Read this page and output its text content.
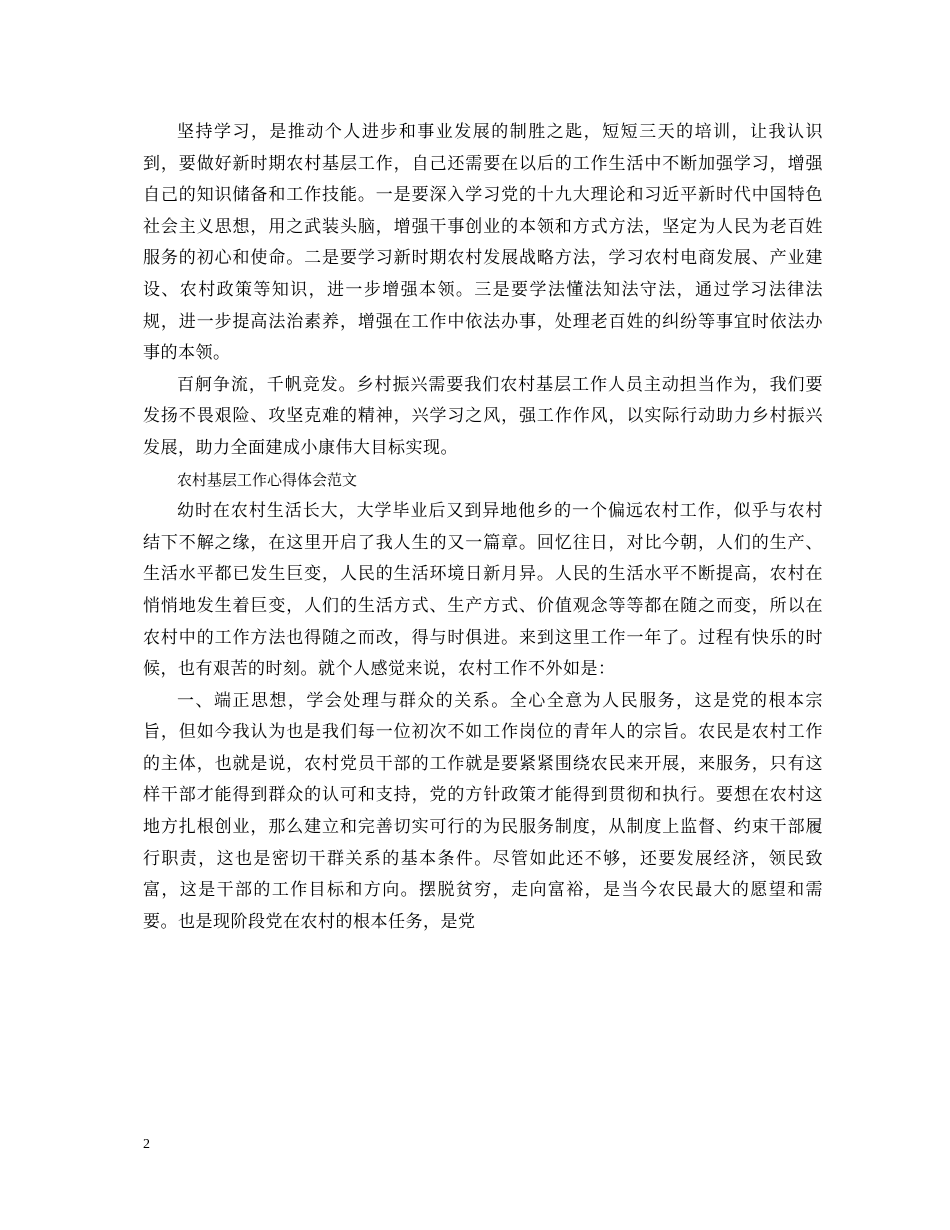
坚持学习，是推动个人进步和事业发展的制胜之匙，短短三天的培训，让我认识到，要做好新时期农村基层工作，自己还需要在以后的工作生活中不断加强学习，增强自己的知识储备和工作技能。一是要深入学习党的十九大理论和习近平新时代中国特色社会主义思想，用之武装头脑，增强干事创业的本领和方式方法，坚定为人民为老百姓服务的初心和使命。二是要学习新时期农村发展战略方法，学习农村电商发展、产业建设、农村政策等知识，进一步增强本领。三是要学法懂法知法守法，通过学习法律法规，进一步提高法治素养，增强在工作中依法办事，处理老百姓的纠纷等事宜时依法办事的本领。

百舸争流，千帆竞发。乡村振兴需要我们农村基层工作人员主动担当作为，我们要发扬不畏艰险、攻坚克难的精神，兴学习之风，强工作作风，以实际行动助力乡村振兴发展，助力全面建成小康伟大目标实现。

农村基层工作心得体会范文

幼时在农村生活长大，大学毕业后又到异地他乡的一个偏远农村工作，似乎与农村结下不解之缘，在这里开启了我人生的又一篇章。回忆往日，对比今朝，人们的生产、生活水平都已发生巨变，人民的生活环境日新月异。人民的生活水平不断提高，农村在悄悄地发生着巨变，人们的生活方式、生产方式、价值观念等等都在随之而变，所以在农村中的工作方法也得随之而改，得与时俱进。来到这里工作一年了。过程有快乐的时候，也有艰苦的时刻。就个人感觉来说，农村工作不外如是：

一、端正思想，学会处理与群众的关系。全心全意为人民服务，这是党的根本宗旨，但如今我认为也是我们每一位初次不如工作岗位的青年人的宗旨。农民是农村工作的主体，也就是说，农村党员干部的工作就是要紧紧围绕农民来开展，来服务，只有这样干部才能得到群众的认可和支持，党的方针政策才能得到贯彻和执行。要想在农村这地方扎根创业，那么建立和完善切实可行的为民服务制度，从制度上监督、约束干部履行职责，这也是密切干群关系的基本条件。尽管如此还不够，还要发展经济，领民致富，这是干部的工作目标和方向。摆脱贫穷，走向富裕，是当今农民最大的愿望和需要。也是现阶段党在农村的根本任务，是党

2
